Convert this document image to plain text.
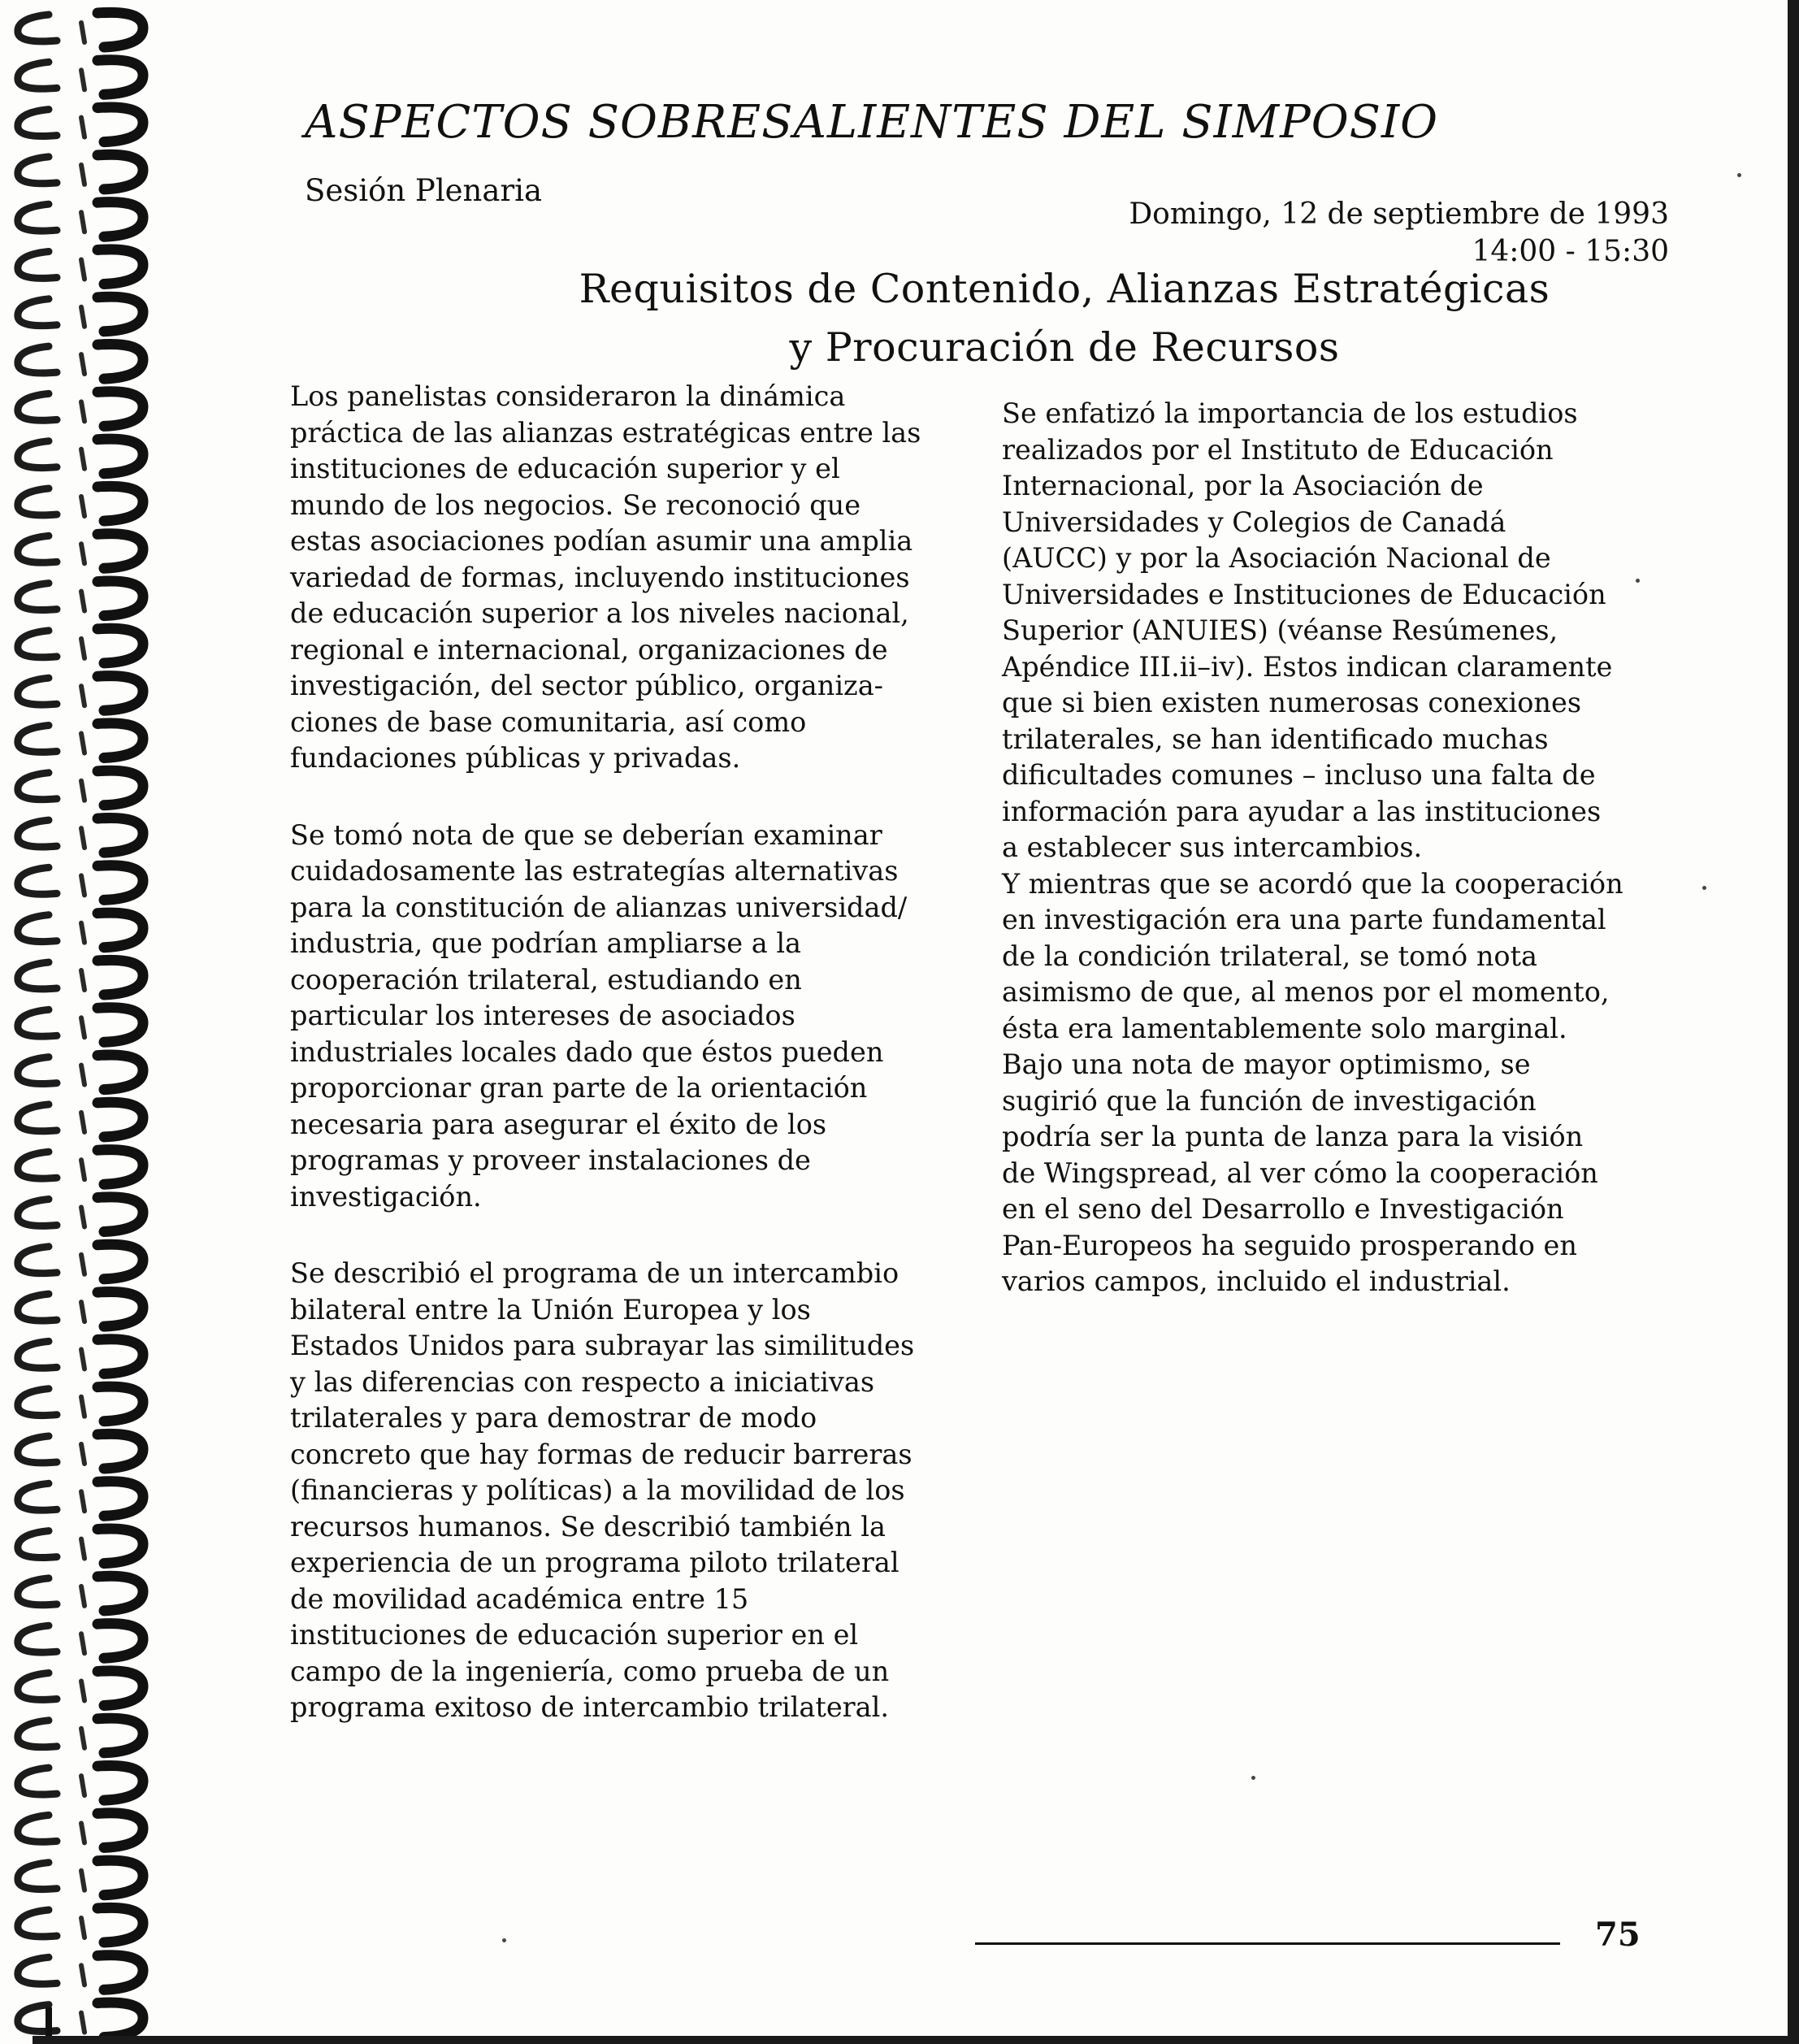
ASPECTOS SOBRESALIENTES DEL SIMPOSIO
Sesión Plenaria
Domingo, 12 de septiembre de 1993
14:00 - 15:30
Requisitos de Contenido, Alianzas Estratégicas
y Procuración de Recursos
Los panelistas consideraron la dinámica
práctica de las alianzas estratégicas entre las
instituciones de educación superior y el
mundo de los negocios. Se reconoció que
estas asociaciones podían asumir una amplia
variedad de formas, incluyendo instituciones
de educación superior a los niveles nacional,
regional e internacional, organizaciones de
investigación, del sector público, organiza-
ciones de base comunitaria, así como
fundaciones públicas y privadas.
Se tomó nota de que se deberían examinar
cuidadosamente las estrategías alternativas
para la constitución de alianzas universidad/
industria, que podrían ampliarse a la
cooperación trilateral, estudiando en
particular los intereses de asociados
industriales locales dado que éstos pueden
proporcionar gran parte de la orientación
necesaria para asegurar el éxito de los
programas y proveer instalaciones de
investigación.
Se describió el programa de un intercambio
bilateral entre la Unión Europea y los
Estados Unidos para subrayar las similitudes
y las diferencias con respecto a iniciativas
trilaterales y para demostrar de modo
concreto que hay formas de reducir barreras
(financieras y políticas) a la movilidad de los
recursos humanos. Se describió también la
experiencia de un programa piloto trilateral
de movilidad académica entre 15
instituciones de educación superior en el
campo de la ingeniería, como prueba de un
programa exitoso de intercambio trilateral.
Se enfatizó la importancia de los estudios
realizados por el Instituto de Educación
Internacional, por la Asociación de
Universidades y Colegios de Canadá
(AUCC) y por la Asociación Nacional de
Universidades e Instituciones de Educación
Superior (ANUIES) (véanse Resúmenes,
Apéndice III.ii–iv). Estos indican claramente
que si bien existen numerosas conexiones
trilaterales, se han identificado muchas
dificultades comunes – incluso una falta de
información para ayudar a las instituciones
a establecer sus intercambios.
Y mientras que se acordó que la cooperación
en investigación era una parte fundamental
de la condición trilateral, se tomó nota
asimismo de que, al menos por el momento,
ésta era lamentablemente solo marginal.
Bajo una nota de mayor optimismo, se
sugirió que la función de investigación
podría ser la punta de lanza para la visión
de Wingspread, al ver cómo la cooperación
en el seno del Desarrollo e Investigación
Pan-Europeos ha seguido prosperando en
varios campos, incluido el industrial.
75
